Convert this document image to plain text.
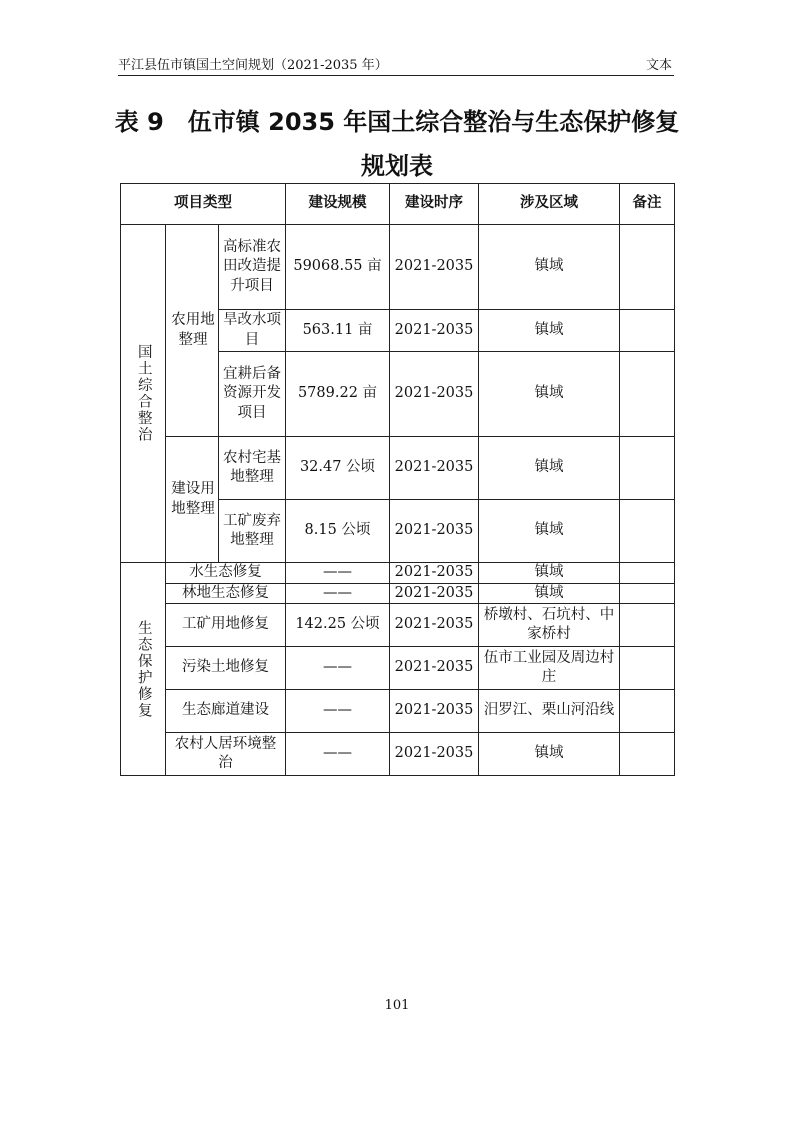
平江县伍市镇国土空间规划（2021-2035 年）	文本
表 9　伍市镇 2035 年国土综合整治与生态保护修复
规划表
项目类型			建设规模	建设时序	涉及区域	备注

国土综合整治	农用地整理	高标准农田改造提升项目	59068.55 亩	2021-2035	镇域	
		旱改水项目	563.11 亩	2021-2035	镇域	
		宜耕后备资源开发项目	5789.22 亩	2021-2035	镇域	
	建设用地整理	农村宅基地整理	32.47 公顷	2021-2035	镇域	
		工矿废弃地整理	8.15 公顷	2021-2035	镇域	

生态保护修复	水生态修复		——	2021-2035	镇域	
	林地生态修复		——	2021-2035	镇域	
	工矿用地修复		142.25 公顷	2021-2035	桥墩村、石坑村、中家桥村	
	污染土地修复		——	2021-2035	伍市工业园及周边村庄	
	生态廊道建设		——	2021-2035	汨罗江、栗山河沿线	
	农村人居环境整治		——	2021-2035	镇域	
101
